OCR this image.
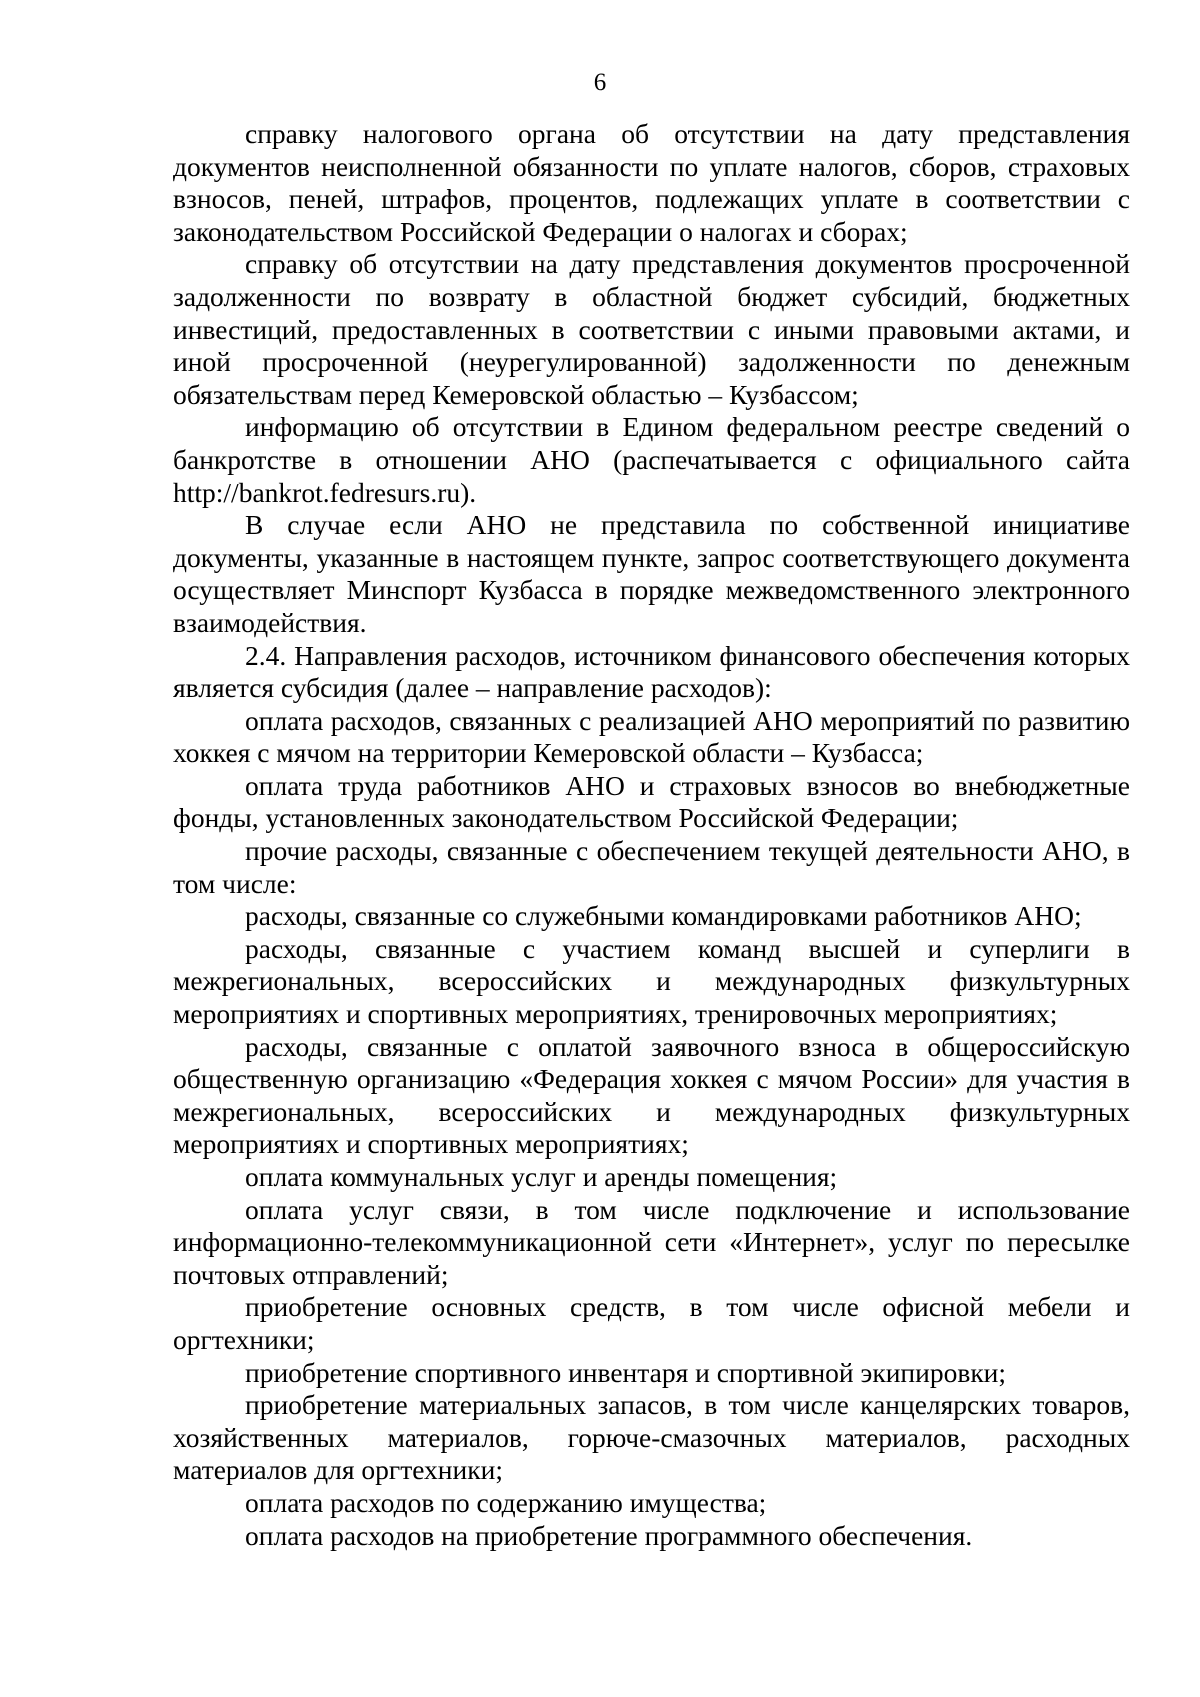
6

справку налогового органа об отсутствии на дату представления документов неисполненной обязанности по уплате налогов, сборов, страховых взносов, пеней, штрафов, процентов, подлежащих уплате в соответствии с законодательством Российской Федерации о налогах и сборах;

справку об отсутствии на дату представления документов просроченной задолженности по возврату в областной бюджет субсидий, бюджетных инвестиций, предоставленных в соответствии с иными правовыми актами, и иной просроченной (неурегулированной) задолженности по денежным обязательствам перед Кемеровской областью – Кузбассом;

информацию об отсутствии в Едином федеральном реестре сведений о банкротстве в отношении АНО (распечатывается с официального сайта http://bankrot.fedresurs.ru).

В случае если АНО не представила по собственной инициативе документы, указанные в настоящем пункте, запрос соответствующего документа осуществляет Минспорт Кузбасса в порядке межведомственного электронного взаимодействия.

2.4. Направления расходов, источником финансового обеспечения которых является субсидия (далее – направление расходов):

оплата расходов, связанных с реализацией АНО мероприятий по развитию хоккея с мячом на территории Кемеровской области – Кузбасса;

оплата труда работников АНО и страховых взносов во внебюджетные фонды, установленных законодательством Российской Федерации;

прочие расходы, связанные с обеспечением текущей деятельности АНО, в том числе:

расходы, связанные со служебными командировками работников АНО;

расходы, связанные с участием команд высшей и суперлиги в межрегиональных, всероссийских и международных физкультурных мероприятиях и спортивных мероприятиях, тренировочных мероприятиях;

расходы, связанные с оплатой заявочного взноса в общероссийскую общественную организацию «Федерация хоккея с мячом России» для участия в межрегиональных, всероссийских и международных физкультурных мероприятиях и спортивных мероприятиях;

оплата коммунальных услуг и аренды помещения;

оплата услуг связи, в том числе подключение и использование информационно-телекоммуникационной сети «Интернет», услуг по пересылке почтовых отправлений;

приобретение основных средств, в том числе офисной мебели и оргтехники;

приобретение спортивного инвентаря и спортивной экипировки;

приобретение материальных запасов, в том числе канцелярских товаров, хозяйственных материалов, горюче-смазочных материалов, расходных материалов для оргтехники;

оплата расходов по содержанию имущества;

оплата расходов на приобретение программного обеспечения.
